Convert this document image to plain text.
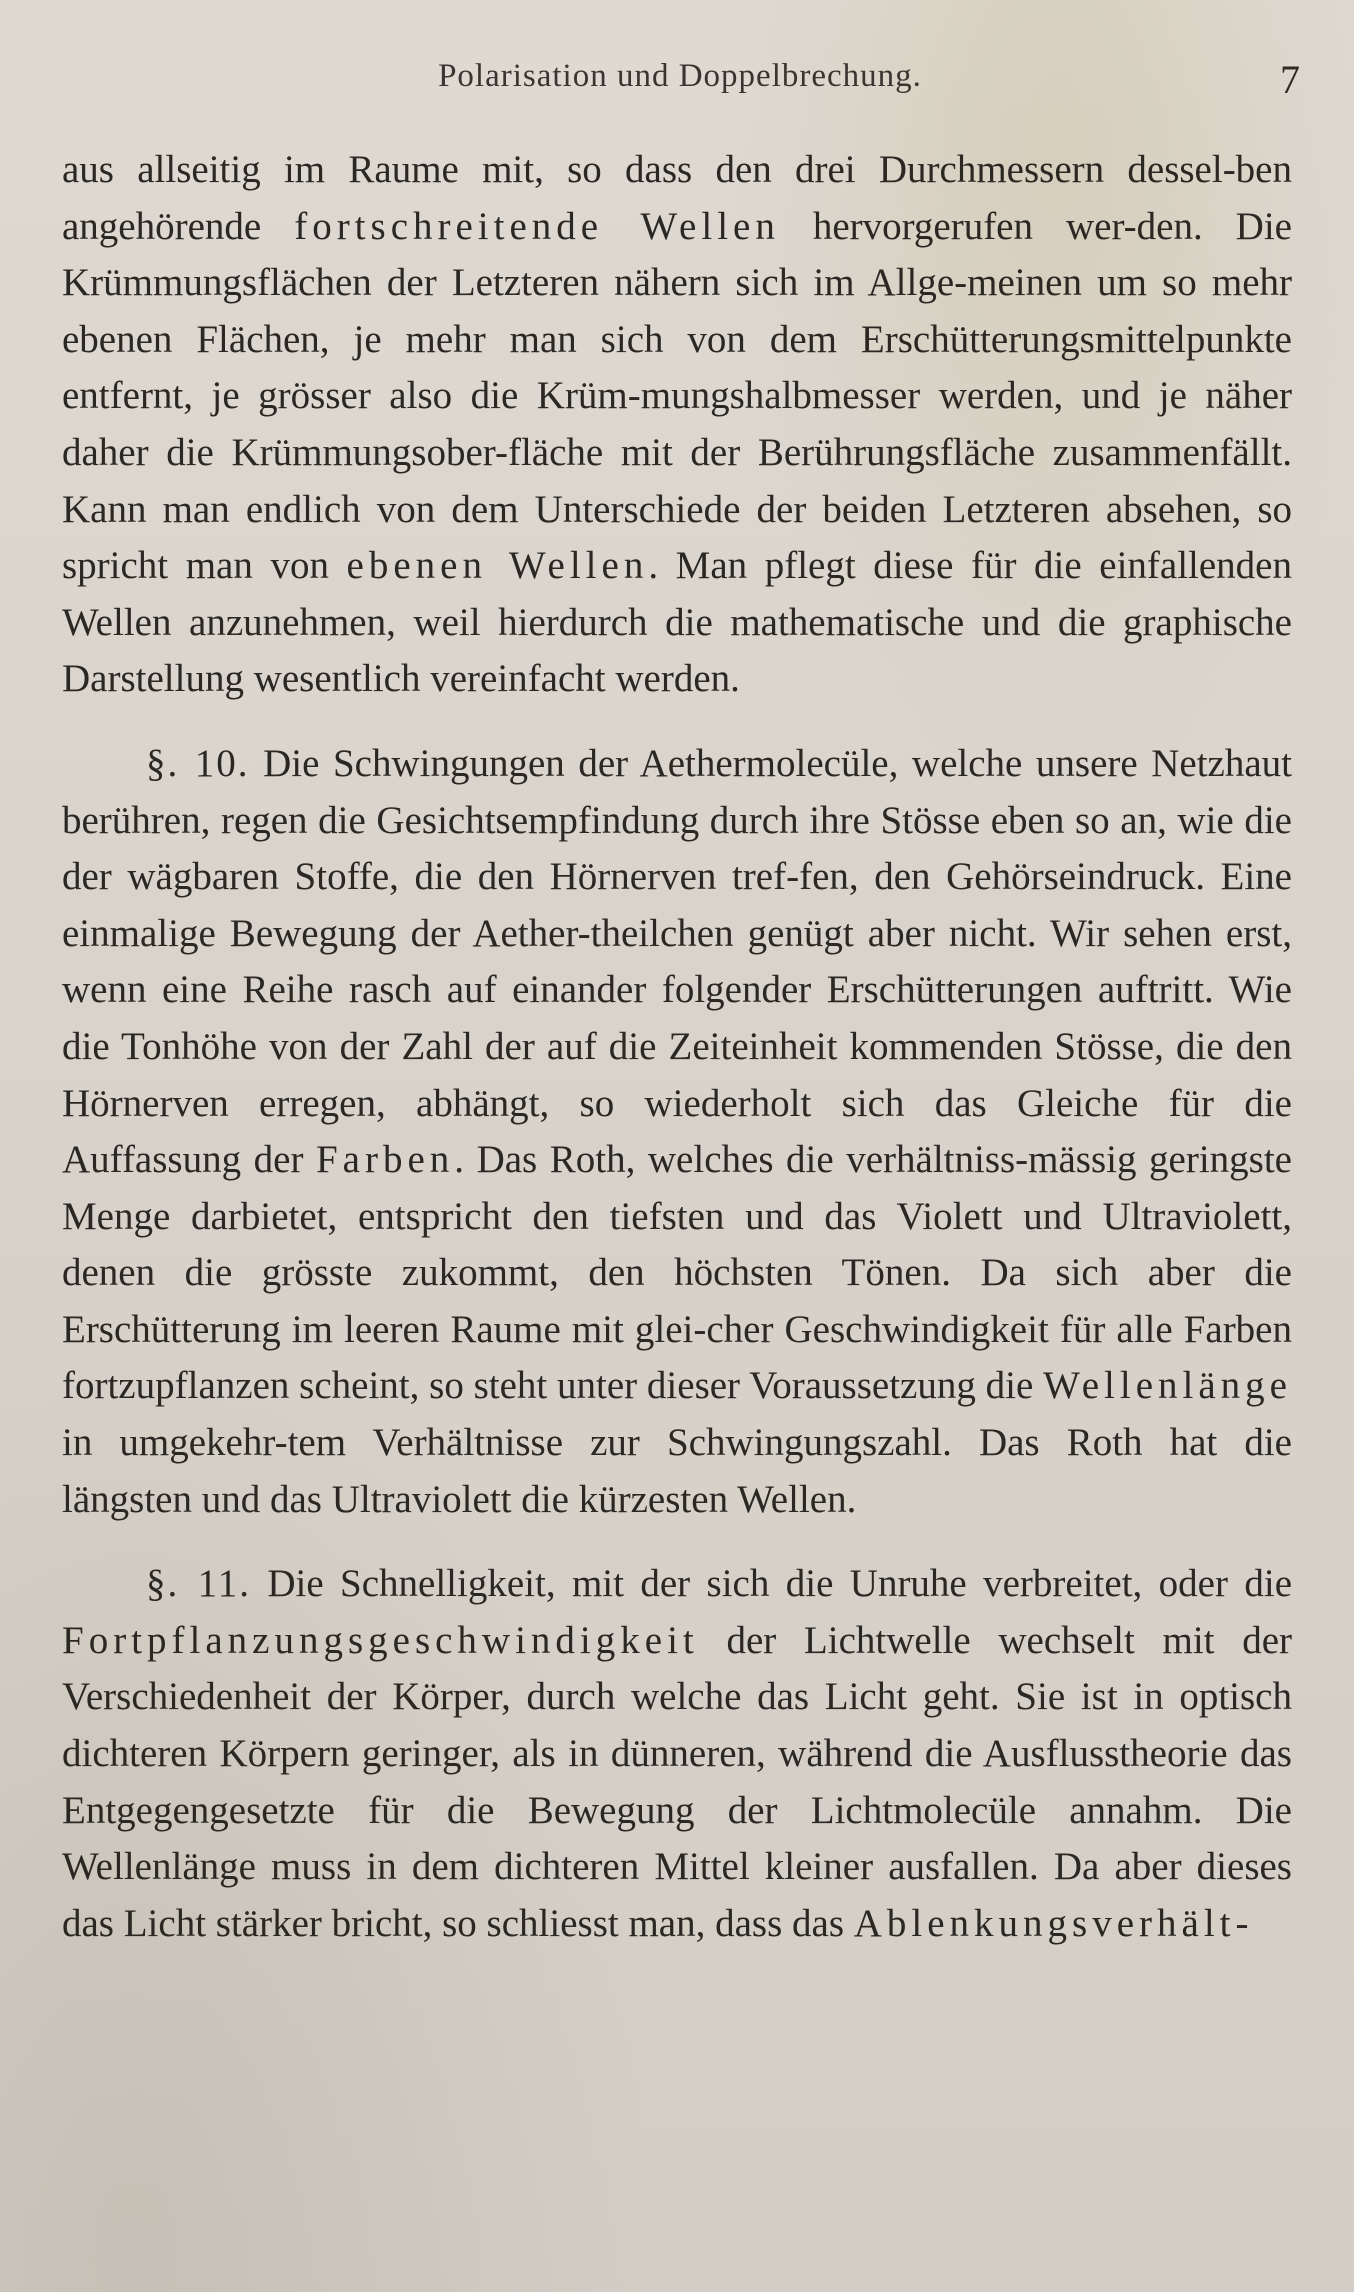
Polarisation und Doppelbrechung.	7

aus allseitig im Raume mit, so dass den drei Durchmessern dessel-ben angehörende fortschreitende Wellen hervorgerufen wer-den. Die Krümmungsflächen der Letzteren nähern sich im Allge-meinen um so mehr ebenen Flächen, je mehr man sich von dem Erschütterungsmittelpunkte entfernt, je grösser also die Krüm-mungshalbmesser werden, und je näher daher die Krümmungsober-fläche mit der Berührungsfläche zusammenfällt. Kann man endlich von dem Unterschiede der beiden Letzteren absehen, so spricht man von ebenen Wellen. Man pflegt diese für die einfallenden Wellen anzunehmen, weil hierdurch die mathematische und die graphische Darstellung wesentlich vereinfacht werden.

§. 10. Die Schwingungen der Aethermolecüle, welche unsere Netzhaut berühren, regen die Gesichtsempfindung durch ihre Stösse eben so an, wie die der wägbaren Stoffe, die den Hörnerven tref-fen, den Gehörseindruck. Eine einmalige Bewegung der Aether-theilchen genügt aber nicht. Wir sehen erst, wenn eine Reihe rasch auf einander folgender Erschütterungen auftritt. Wie die Tonhöhe von der Zahl der auf die Zeiteinheit kommenden Stösse, die den Hörnerven erregen, abhängt, so wiederholt sich das Gleiche für die Auffassung der Farben. Das Roth, welches die verhältniss-mässig geringste Menge darbietet, entspricht den tiefsten und das Violett und Ultraviolett, denen die grösste zukommt, den höchsten Tönen. Da sich aber die Erschütterung im leeren Raume mit glei-cher Geschwindigkeit für alle Farben fortzupflanzen scheint, so steht unter dieser Voraussetzung die Wellenlänge in umgekehr-tem Verhältnisse zur Schwingungszahl. Das Roth hat die längsten und das Ultraviolett die kürzesten Wellen.

§. 11. Die Schnelligkeit, mit der sich die Unruhe verbreitet, oder die Fortpflanzungsgeschwindigkeit der Lichtwelle wechselt mit der Verschiedenheit der Körper, durch welche das Licht geht. Sie ist in optisch dichteren Körpern geringer, als in dünneren, während die Ausflusstheorie das Entgegengesetzte für die Bewegung der Lichtmolecüle annahm. Die Wellenlänge muss in dem dichteren Mittel kleiner ausfallen. Da aber dieses das Licht stärker bricht, so schliesst man, dass das Ablenkungsverhält-
